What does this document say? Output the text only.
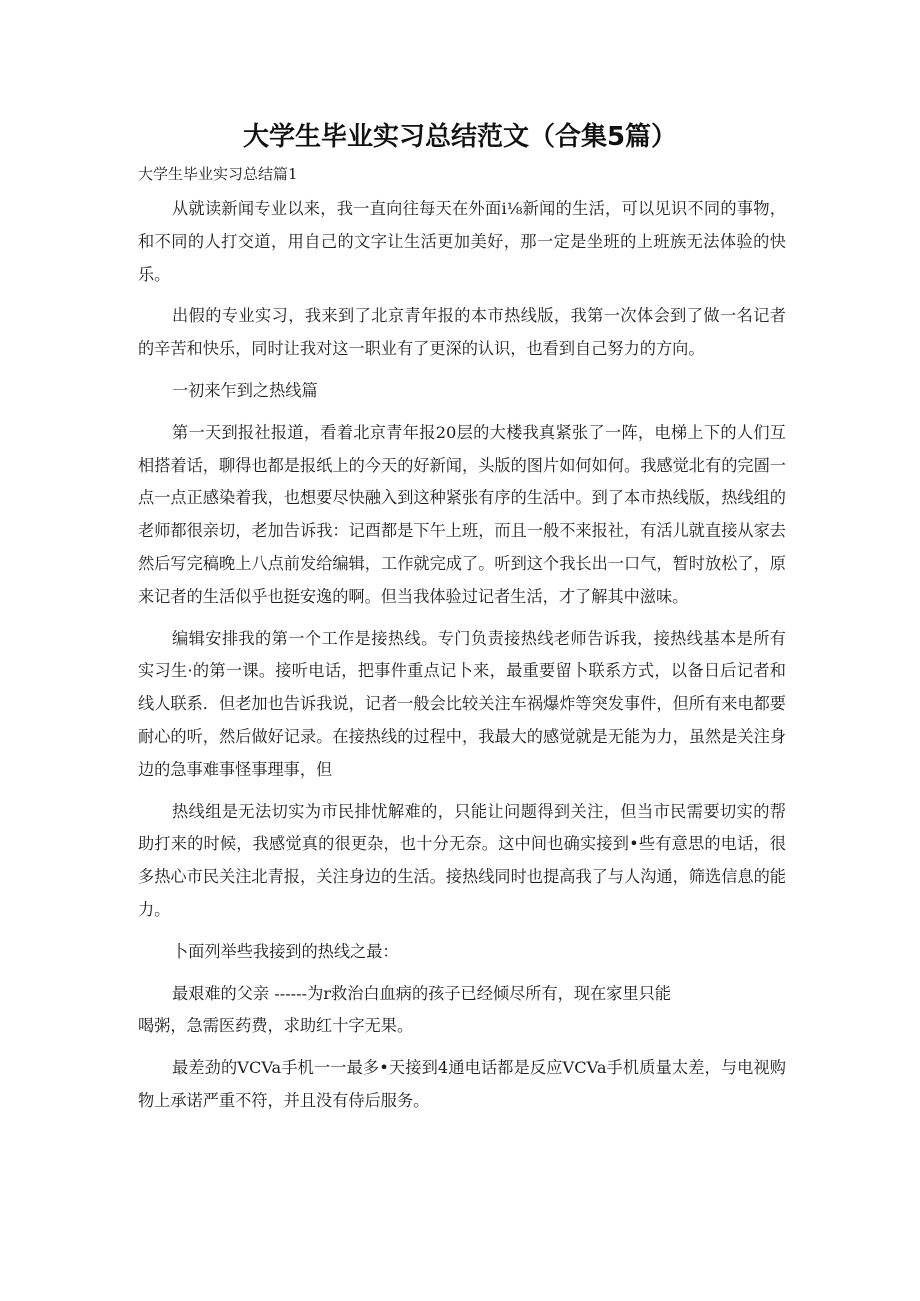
大学生毕业实习总结范文（合集5篇）

大学生毕业实习总结篇1

从就读新闻专业以来，我一直向往每天在外面i⅛新闻的生活，可以见识不同的事物，和不同的人打交道，用自己的文字让生活更加美好，那一定是坐班的上班族无法体验的快乐。

出假的专业实习，我来到了北京青年报的本市热线版，我第一次体会到了做一名记者的辛苦和快乐，同时让我对这一职业有了更深的认识，也看到自己努力的方向。

一初来乍到之热线篇

第一天到报社报道，看着北京青年报20层的大楼我真紧张了一阵，电梯上下的人们互相搭着话，聊得也都是报纸上的今天的好新闻，头版的图片如何如何。我感觉北有的完圄一点一点正感染着我，也想要尽快融入到这种紧张有序的生活中。到了本市热线版，热线组的老师都很亲切，老加告诉我：记酉都是下午上班，而且一般不来报社，有活儿就直接从家去然后写完稿晚上八点前发给编辑，工作就完成了。听到这个我长出一口气，暂时放松了，原来记者的生活似乎也挺安逸的啊。但当我体验过记者生活，才了解其中滋味。

编辑安排我的第一个工作是接热线。专门负责接热线老师告诉我，接热线基本是所有实习生·的第一课。接听电话，把事件重点记卜来，最重要留卜联系方式，以备日后记者和线人联系．但老加也告诉我说，记者一般会比较关注车祸爆炸等突发事件，但所有来电都要耐心的听，然后做好记录。在接热线的过程中，我最大的感觉就是无能为力，虽然是关注身边的急事难事怪事理事，但

热线组是无法切实为市民排忧解难的，只能让问题得到关注，但当市民需要切实的帮助打来的时候，我感觉真的很更杂，也十分无奈。这中间也确实接到•些有意思的电话，很多热心市民关注北青报，关注身边的生活。接热线同时也提高我了与人沟通，筛选信息的能力。

卜面列举些我接到的热线之最：

最艰难的父亲 ------为r救治白血病的孩子已经倾尽所有，现在家里只能

喝粥，急需医药费，求助红十字无果。

最差劲的VCVa手机一一最多•天接到4通电话都是反应VCVa手机质量太差，与电视购物上承诺严重不符，并且没有侍后服务。
